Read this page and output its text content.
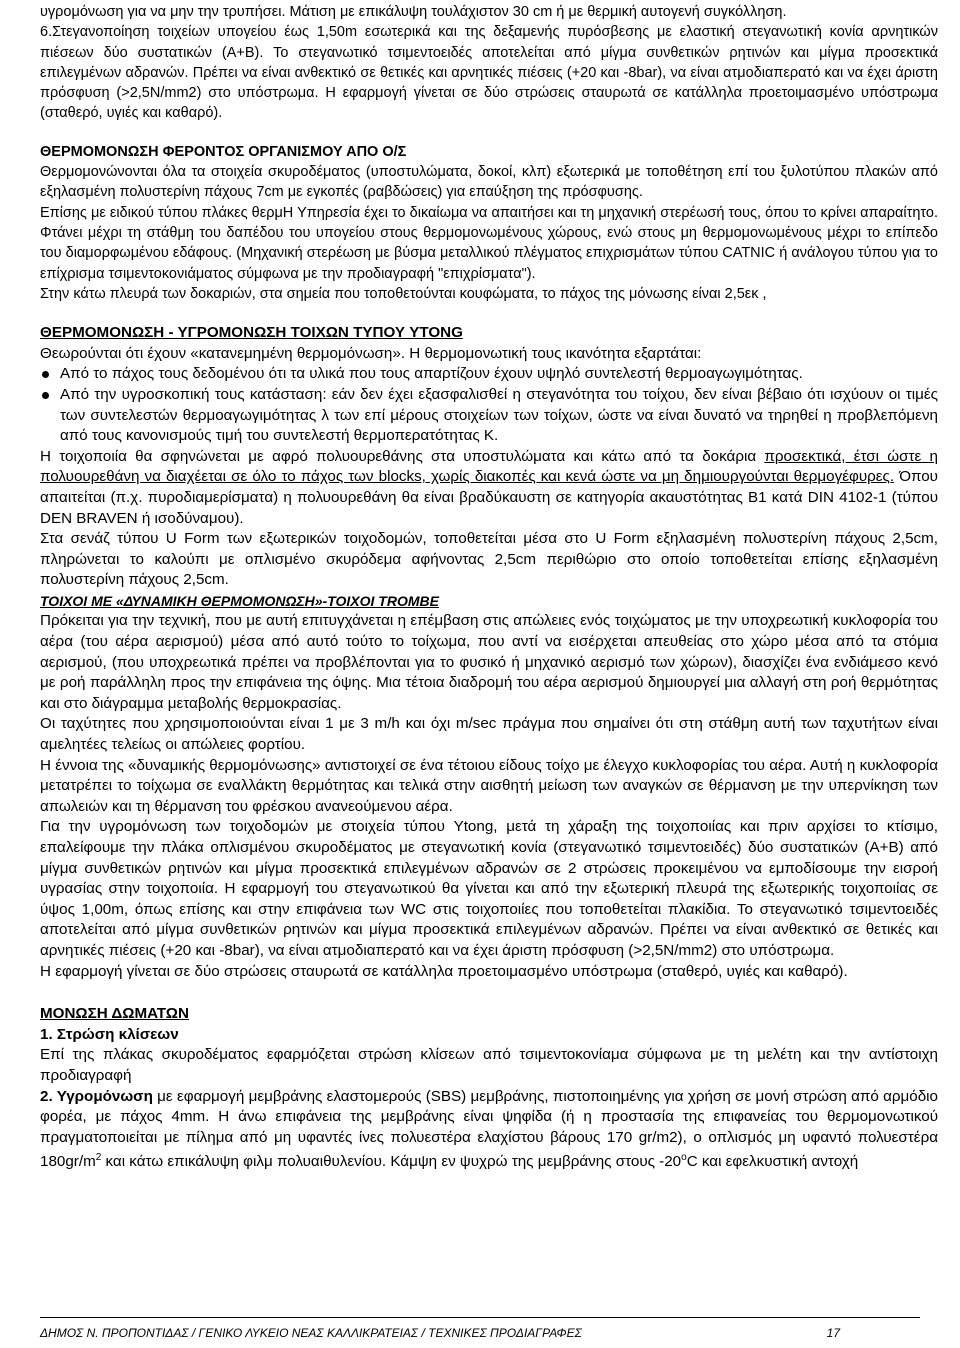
υγρομόνωση για να μην την τρυπήσει. Μάτιση με επικάλυψη τουλάχιστον 30 cm ή με θερμική αυτογενή συγκόλληση.

6.Στεγανοποίηση τοιχείων υπογείου έως 1,50m εσωτερικά και της δεξαμενής πυρόσβεσης με ελαστική στεγανωτική κονία αρνητικών πιέσεων δύο συστατικών (Α+Β). Το στεγανωτικό τσιμεντοειδές αποτελείται από μίγμα συνθετικών ρητινών και μίγμα προσεκτικά επιλεγμένων αδρανών. Πρέπει να είναι ανθεκτικό σε θετικές και αρνητικές πιέσεις (+20 και -8bar), να είναι ατμοδιαπερατό και να έχει άριστη πρόσφυση (>2,5N/mm2) στο υπόστρωμα. Η εφαρμογή γίνεται σε δύο στρώσεις σταυρωτά σε κατάλληλα προετοιμασμένο υπόστρωμα (σταθερό, υγιές και καθαρό).

ΘΕΡΜΟΜΟΝΩΣΗ ΦΕΡΟΝΤΟΣ ΟΡΓΑΝΙΣΜΟΥ ΑΠΟ Ο/Σ

Θερμομονώνονται όλα τα στοιχεία σκυροδέματος (υποστυλώματα, δοκοί, κλπ) εξωτερικά με τοποθέτηση επί του ξυλοτύπου πλακών από εξηλασμένη πολυστερίνη πάχους 7cm με εγκοπές (ραβδώσεις) για επαύξηση της πρόσφυσης.

Επίσης με ειδικού τύπου πλάκες θερμΗ Υπηρεσία έχει το δικαίωμα να απαιτήσει και τη μηχανική στερέωσή τους, όπου το κρίνει απαραίτητο. Φτάνει μέχρι τη στάθμη του δαπέδου του υπογείου στους θερμομονωμένους χώρους, ενώ στους μη θερμομονωμένους μέχρι το επίπεδο του διαμορφωμένου εδάφους. (Μηχανική στερέωση με βύσμα μεταλλικού πλέγματος επιχρισμάτων τύπου CATNIC ή ανάλογου τύπου για το επίχρισμα τσιμεντοκονιάματος σύμφωνα με την προδιαγραφή "επιχρίσματα").

Στην κάτω πλευρά των δοκαριών, στα σημεία που τοποθετούνται κουφώματα, το πάχος της μόνωσης είναι 2,5εκ ,

ΘΕΡΜΟΜΟΝΩΣΗ - ΥΓΡΟΜΟΝΩΣΗ ΤΟΙΧΩΝ ΤΥΠΟΥ YTONG

Θεωρούνται ότι έχουν «κατανεμημένη θερμομόνωση». Η θερμομονωτική τους ικανότητα εξαρτάται:

Από το πάχος τους δεδομένου ότι τα υλικά που τους απαρτίζουν έχουν υψηλό συντελεστή θερμοαγωγιμότητας.
Από την υγροσκοπική τους κατάσταση: εάν δεν έχει εξασφαλισθεί η στεγανότητα του τοίχου, δεν είναι βέβαιο ότι ισχύουν οι τιμές των συντελεστών θερμοαγωγιμότητας λ των επί μέρους στοιχείων των τοίχων, ώστε να είναι δυνατό να τηρηθεί η προβλεπόμενη από τους κανονισμούς τιμή του συντελεστή θερμοπερατότητας Κ.

Η τοιχοποιία θα σφηνώνεται με αφρό πολυουρεθάνης στα υποστυλώματα και κάτω από τα δοκάρια προσεκτικά, έτσι ώστε η πολυουρεθάνη να διαχέεται σε όλο το πάχος των blocks, χωρίς διακοπές και κενά ώστε να μη δημιουργούνται θερμογέφυρες. Όπου απαιτείται (π.χ. πυροδιαμερίσματα) η πολυουρεθάνη θα είναι βραδύκαυστη σε κατηγορία ακαυστότητας Β1 κατά DIN 4102-1 (τύπου DEN BRAVEN ή ισοδύναμου).

Στα σενάζ τύπου U Form των εξωτερικών τοιχοδομών, τοποθετείται μέσα στο U Form εξηλασμένη πολυστερίνη πάχους 2,5cm, πληρώνεται το καλούπι με οπλισμένο σκυρόδεμα αφήνοντας 2,5cm περιθώριο στο οποίο τοποθετείται επίσης εξηλασμένη πολυστερίνη πάχους 2,5cm.

ΤΟΙΧΟΙ ΜΕ «ΔΥΝΑΜΙΚΗ ΘΕΡΜΟΜΟΝΩΣΗ»-ΤΟΙΧΟΙ TROMBE

Πρόκειται για την τεχνική, που με αυτή επιτυγχάνεται η επέμβαση στις απώλειες ενός τοιχώματος με την υποχρεωτική κυκλοφορία του αέρα (του αέρα αερισμού) μέσα από αυτό τούτο το τοίχωμα, που αντί να εισέρχεται απευθείας στο χώρο μέσα από τα στόμια αερισμού, (που υποχρεωτικά πρέπει να προβλέπονται για το φυσικό ή μηχανικό αερισμό των χώρων), διασχίζει ένα ενδιάμεσο κενό με ροή παράλληλη προς την επιφάνεια της όψης. Μια τέτοια διαδρομή του αέρα αερισμού δημιουργεί μια αλλαγή στη ροή θερμότητας και στο διάγραμμα μεταβολής θερμοκρασίας.

Οι ταχύτητες που χρησιμοποιούνται είναι 1 με 3 m/h και όχι m/sec πράγμα που σημαίνει ότι στη στάθμη αυτή των ταχυτήτων είναι αμελητέες τελείως οι απώλειες φορτίου.

Η έννοια της «δυναμικής θερμομόνωσης» αντιστοιχεί σε ένα τέτοιου είδους τοίχο με έλεγχο κυκλοφορίας του αέρα. Αυτή η κυκλοφορία μετατρέπει το τοίχωμα σε εναλλάκτη θερμότητας και τελικά στην αισθητή μείωση των αναγκών σε θέρμανση με την υπερνίκηση των απωλειών και τη θέρμανση του φρέσκου ανανεούμενου αέρα.

Για την υγρομόνωση των τοιχοδομών με στοιχεία τύπου Ytong, μετά τη χάραξη της τοιχοποιίας και πριν αρχίσει το κτίσιμο, επαλείφουμε την πλάκα οπλισμένου σκυροδέματος με στεγανωτική κονία (στεγανωτικό τσιμεντοειδές) δύο συστατικών (Α+Β) από μίγμα συνθετικών ρητινών και μίγμα προσεκτικά επιλεγμένων αδρανών σε 2 στρώσεις προκειμένου να εμποδίσουμε την εισροή υγρασίας στην τοιχοποιία. Η εφαρμογή του στεγανωτικού θα γίνεται και από την εξωτερική πλευρά της εξωτερικής τοιχοποιίας σε ύψος 1,00m, όπως επίσης και στην επιφάνεια των WC στις τοιχοποιίες που τοποθετείται πλακίδια. Το στεγανωτικό τσιμεντοειδές αποτελείται από μίγμα συνθετικών ρητινών και μίγμα προσεκτικά επιλεγμένων αδρανών. Πρέπει να είναι ανθεκτικό σε θετικές και αρνητικές πιέσεις (+20 και -8bar), να είναι ατμοδιαπερατό και να έχει άριστη πρόσφυση (>2,5N/mm2) στο υπόστρωμα.

Η εφαρμογή γίνεται σε δύο στρώσεις σταυρωτά σε κατάλληλα προετοιμασμένο υπόστρωμα (σταθερό, υγιές και καθαρό).

ΜΟΝΩΣΗ ΔΩΜΑΤΩΝ

1. Στρώση κλίσεων

Επί της πλάκας σκυροδέματος εφαρμόζεται στρώση κλίσεων από τσιμεντοκονίαμα σύμφωνα με τη μελέτη και την αντίστοιχη προδιαγραφή

2. Υγρομόνωση με εφαρμογή μεμβράνης ελαστομερούς (SBS) μεμβράνης, πιστοποιημένης για χρήση σε μονή στρώση από αρμόδιο φορέα, με πάχος 4mm. Η άνω επιφάνεια της μεμβράνης είναι ψηφίδα (ή η προστασία της επιφανείας του θερμομονωτικού πραγματοποιείται με πίλημα από μη υφαντές ίνες πολυεστέρα ελαχίστου βάρους 170 gr/m2), ο οπλισμός μη υφαντό πολυεστέρα $180gr/m^2$ και κάτω επικάλυψη φιλμ πολυαιθυλενίου. Κάμψη εν ψυχρώ της μεμβράνης στους $-20^oC$ και εφελκυστική αντοχή

ΔΗΜΟΣ Ν. ΠΡΟΠΟΝΤΙΔΑΣ / ΓΕΝΙΚΟ ΛΥΚΕΙΟ ΝΕΑΣ ΚΑΛΛΙΚΡΑΤΕΙΑΣ / ΤΕΧΝΙΚΕΣ ΠΡΟΔΙΑΓΡΑΦΕΣ	17
